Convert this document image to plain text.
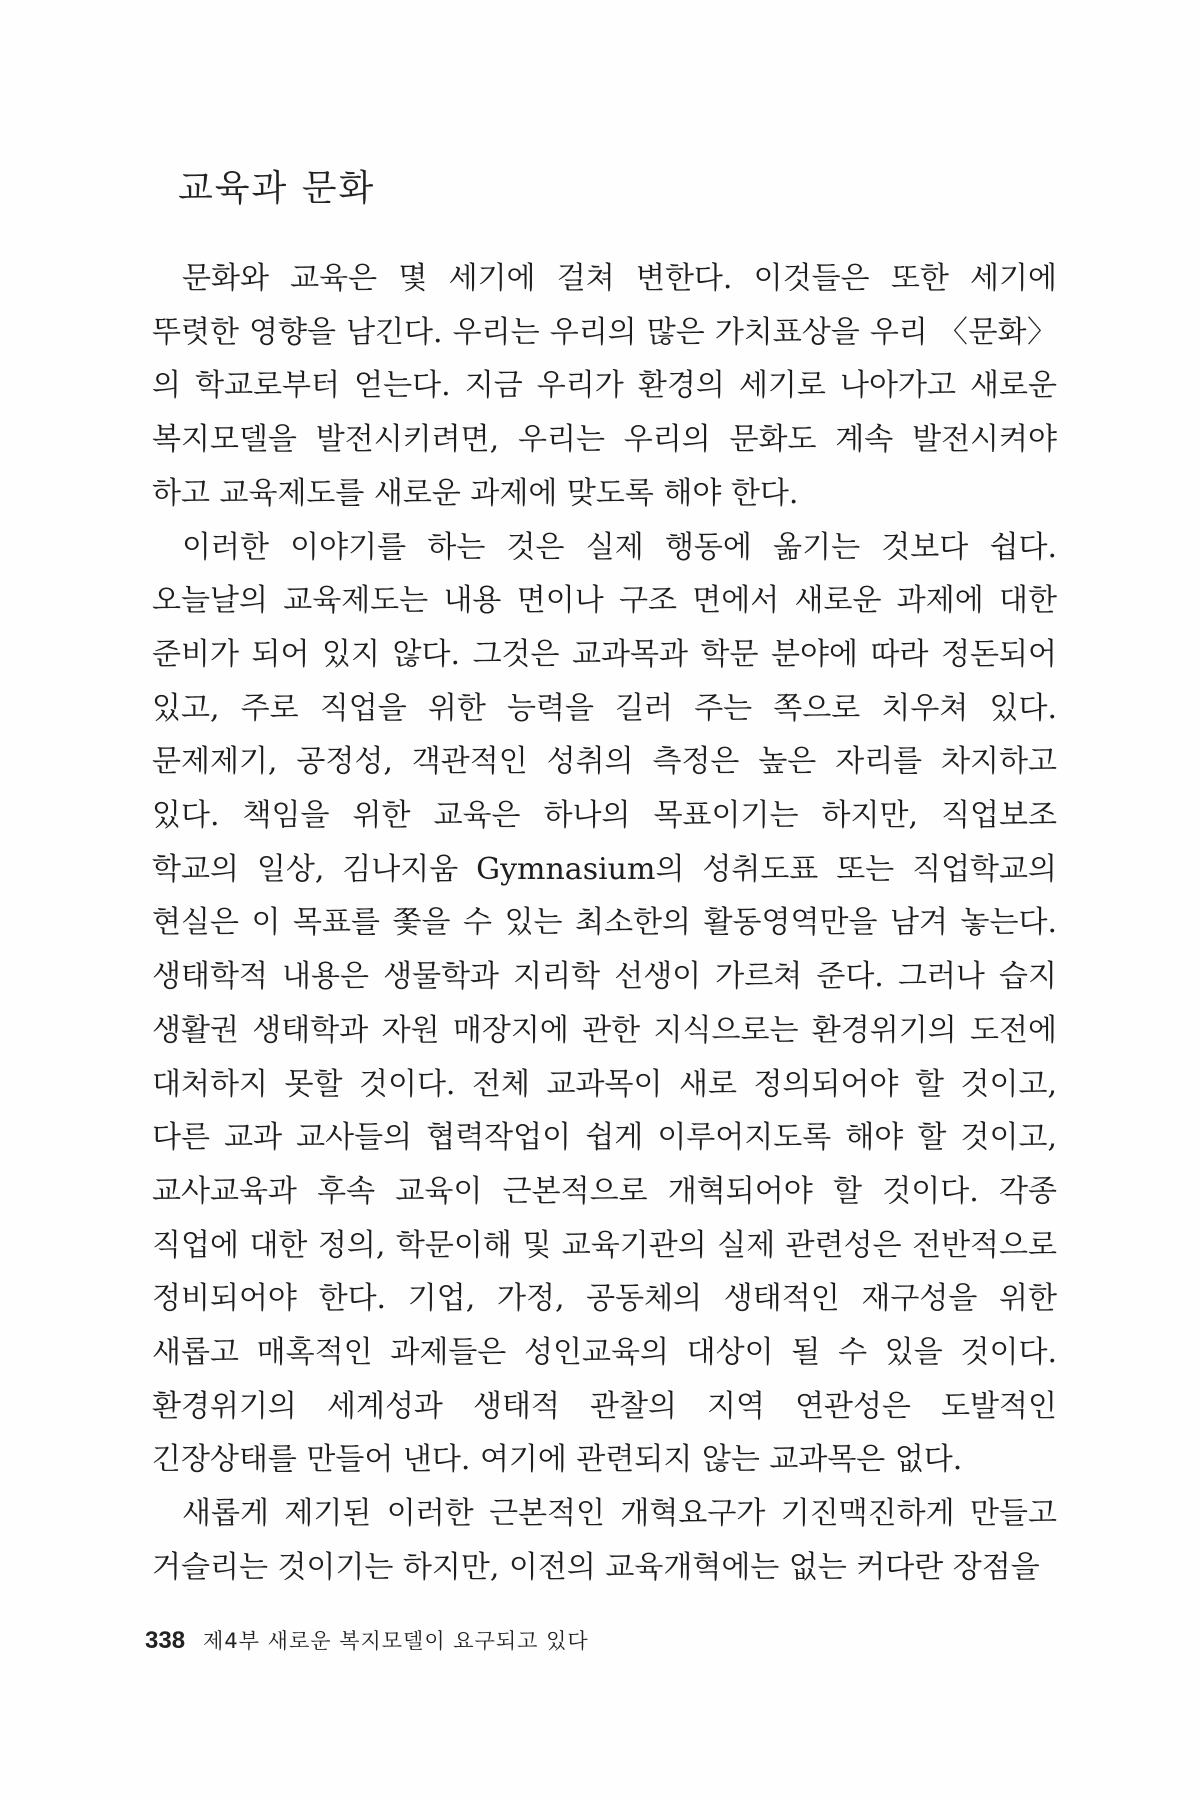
교육과 문화

문화와 교육은 몇 세기에 걸쳐 변한다. 이것들은 또한 세기에 뚜렷한 영향을 남긴다. 우리는 우리의 많은 가치표상을 우리 〈문화〉의 학교로부터 얻는다. 지금 우리가 환경의 세기로 나아가고 새로운 복지모델을 발전시키려면, 우리는 우리의 문화도 계속 발전시켜야 하고 교육제도를 새로운 과제에 맞도록 해야 한다.

이러한 이야기를 하는 것은 실제 행동에 옮기는 것보다 쉽다. 오늘날의 교육제도는 내용 면이나 구조 면에서 새로운 과제에 대한 준비가 되어 있지 않다. 그것은 교과목과 학문 분야에 따라 정돈되어 있고, 주로 직업을 위한 능력을 길러 주는 쪽으로 치우쳐 있다. 문제제기, 공정성, 객관적인 성취의 측정은 높은 자리를 차지하고 있다. 책임을 위한 교육은 하나의 목표이기는 하지만, 직업보조 학교의 일상, 김나지움 Gymnasium의 성취도표 또는 직업학교의 현실은 이 목표를 쫓을 수 있는 최소한의 활동영역만을 남겨 놓는다. 생태학적 내용은 생물학과 지리학 선생이 가르쳐 준다. 그러나 습지 생활권 생태학과 자원 매장지에 관한 지식으로는 환경위기의 도전에 대처하지 못할 것이다. 전체 교과목이 새로 정의되어야 할 것이고, 다른 교과 교사들의 협력작업이 쉽게 이루어지도록 해야 할 것이고, 교사교육과 후속 교육이 근본적으로 개혁되어야 할 것이다. 각종 직업에 대한 정의, 학문이해 및 교육기관의 실제 관련성은 전반적으로 정비되어야 한다. 기업, 가정, 공동체의 생태적인 재구성을 위한 새롭고 매혹적인 과제들은 성인교육의 대상이 될 수 있을 것이다. 환경위기의 세계성과 생태적 관찰의 지역 연관성은 도발적인 긴장상태를 만들어 낸다. 여기에 관련되지 않는 교과목은 없다.

새롭게 제기된 이러한 근본적인 개혁요구가 기진맥진하게 만들고 거슬리는 것이기는 하지만, 이전의 교육개혁에는 없는 커다란 장점을

338 제4부 새로운 복지모델이 요구되고 있다
